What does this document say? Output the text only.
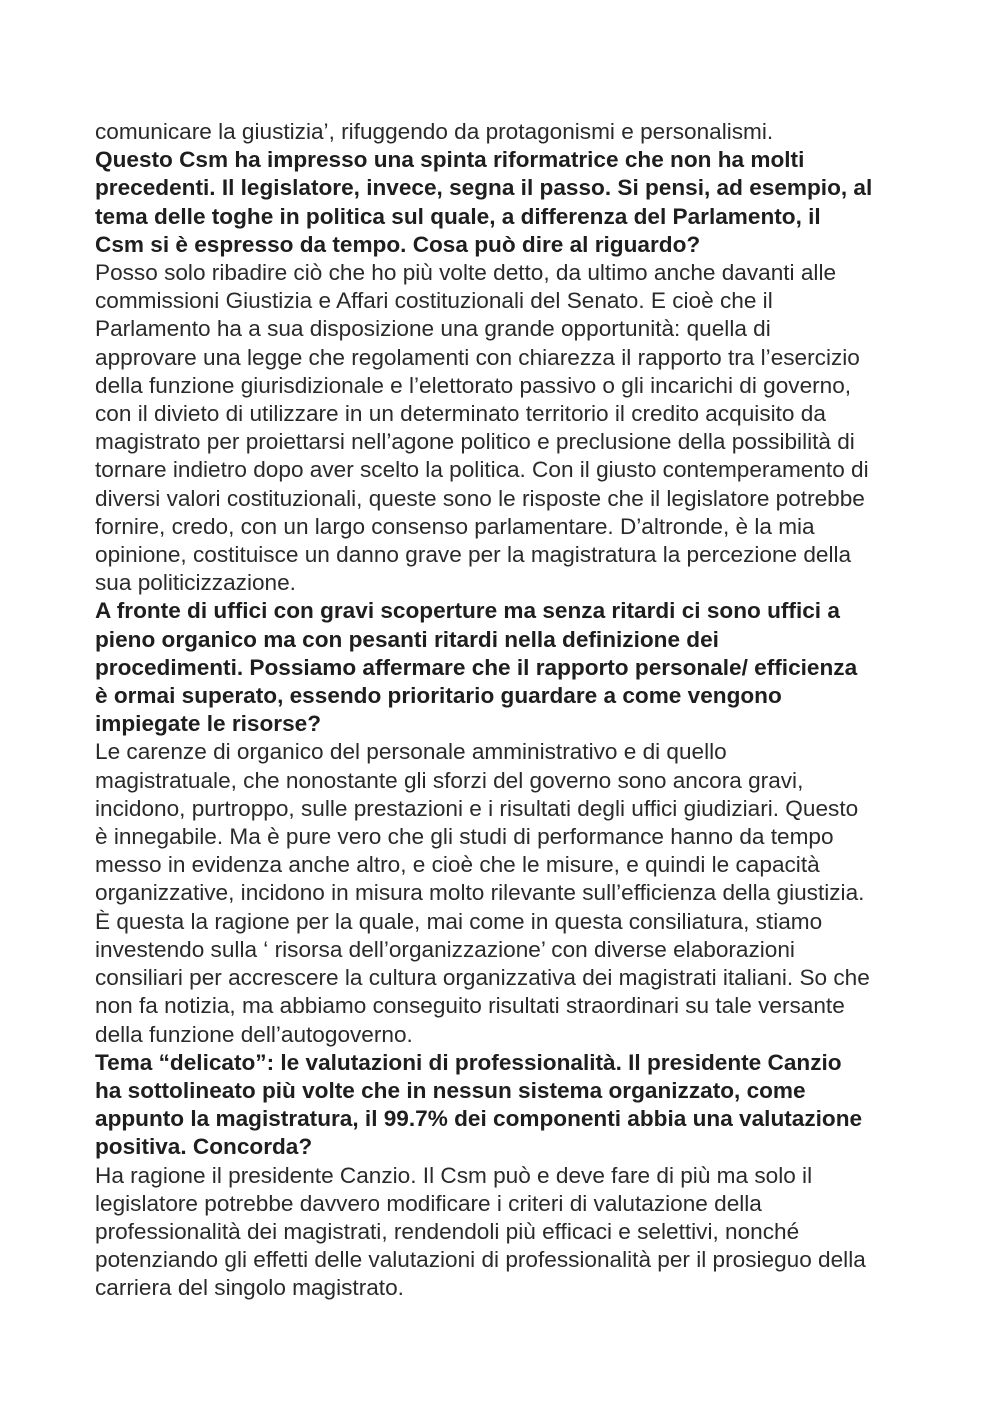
comunicare la giustizia’, rifuggendo da protagonismi e personalismi.
Questo Csm ha impresso una spinta riformatrice che non ha molti
precedenti. Il legislatore, invece, segna il passo. Si pensi, ad esempio, al
tema delle toghe in politica sul quale, a differenza del Parlamento, il
Csm si è espresso da tempo. Cosa può dire al riguardo?
Posso solo ribadire ciò che ho più volte detto, da ultimo anche davanti alle
commissioni Giustizia e Affari costituzionali del Senato. E cioè che il
Parlamento ha a sua disposizione una grande opportunità: quella di
approvare una legge che regolamenti con chiarezza il rapporto tra l’esercizio
della funzione giurisdizionale e l’elettorato passivo o gli incarichi di governo,
con il divieto di utilizzare in un determinato territorio il credito acquisito da
magistrato per proiettarsi nell’agone politico e preclusione della possibilità di
tornare indietro dopo aver scelto la politica. Con il giusto contemperamento di
diversi valori costituzionali, queste sono le risposte che il legislatore potrebbe
fornire, credo, con un largo consenso parlamentare. D’altronde, è la mia
opinione, costituisce un danno grave per la magistratura la percezione della
sua politicizzazione.
A fronte di uffici con gravi scoperture ma senza ritardi ci sono uffici a
pieno organico ma con pesanti ritardi nella definizione dei
procedimenti. Possiamo affermare che il rapporto personale/ efficienza
è ormai superato, essendo prioritario guardare a come vengono
impiegate le risorse?
Le carenze di organico del personale amministrativo e di quello
magistratuale, che nonostante gli sforzi del governo sono ancora gravi,
incidono, purtroppo, sulle prestazioni e i risultati degli uffici giudiziari. Questo
è innegabile. Ma è pure vero che gli studi di performance hanno da tempo
messo in evidenza anche altro, e cioè che le misure, e quindi le capacità
organizzative, incidono in misura molto rilevante sull’efficienza della giustizia.
È questa la ragione per la quale, mai come in questa consiliatura, stiamo
investendo sulla ‘ risorsa dell’organizzazione’ con diverse elaborazioni
consiliari per accrescere la cultura organizzativa dei magistrati italiani. So che
non fa notizia, ma abbiamo conseguito risultati straordinari su tale versante
della funzione dell’autogoverno.
Tema “delicato”: le valutazioni di professionalità. Il presidente Canzio
ha sottolineato più volte che in nessun sistema organizzato, come
appunto la magistratura, il 99.7% dei componenti abbia una valutazione
positiva. Concorda?
Ha ragione il presidente Canzio. Il Csm può e deve fare di più ma solo il
legislatore potrebbe davvero modificare i criteri di valutazione della
professionalità dei magistrati, rendendoli più efficaci e selettivi, nonché
potenziando gli effetti delle valutazioni di professionalità per il prosieguo della
carriera del singolo magistrato.
